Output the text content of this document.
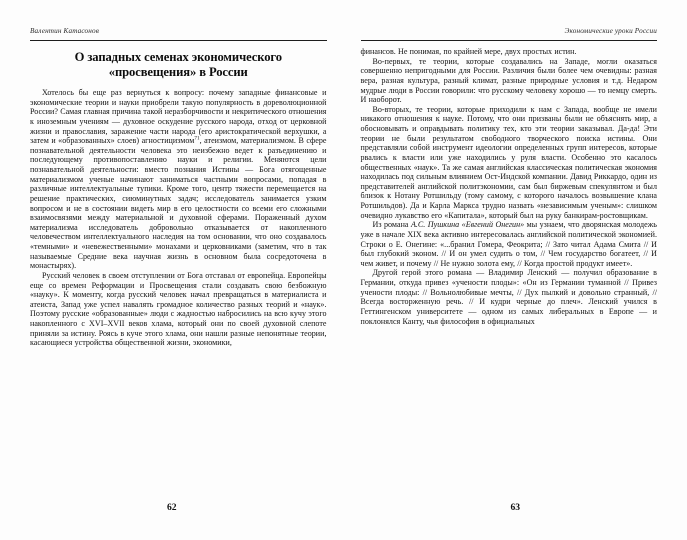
Валентин Катасонов
О западных семенах экономического
«просвещения» в России

Хотелось бы еще раз вернуться к вопросу: почему западные финансовые и экономические теории и науки приобрели такую популярность в дореволюционной России? Самая главная причина такой неразборчивости и некритического отношения к иноземным учениям — духовное оскудение русского народа, отход от церковной жизни и православия, заражение части народа (его аристократической верхушки, а затем и «образованных» слоев) агностицизмом$^{71}$, атеизмом, материализмом. В сфере познавательной деятельности человека это неизбежно ведет к разъединению и последующему противопоставлению науки и религии. Меняются цели познавательной деятельности: вместо познания Истины — Бога отягощенные материализмом ученые начинают заниматься частными вопросами, попадая в различные интеллектуальные тупики. Кроме того, центр тяжести перемещается на решение практических, сиюминутных задач; исследователь занимается узким вопросом и не в состоянии видеть мир в его целостности со всеми его сложными взаимосвязями между материальной и духовной сферами. Пораженный духом материализма исследователь добровольно отказывается от накопленного человечеством интеллектуального наследия на том основании, что оно создавалось «темными» и «невежественными» монахами и церковниками (заметим, что в так называемые Средние века научная жизнь в основном была сосредоточена в монастырях).

Русский человек в своем отступлении от Бога отставал от европейца. Европейцы еще со времен Реформации и Просвещения стали создавать свою безбожную «науку». К моменту, когда русский человек начал превращаться в материалиста и атеиста, Запад уже успел навалять громадное количество разных теорий и «наук». Поэтому русские «образованные» люди с жадностью набросились на всю кучу этого накопленного с XVI–XVII веков хлама, который они по своей духовной слепоте приняли за истину. Роясь в куче этого хлама, они нашли разные непонятные теории, касающиеся устройства общественной жизни, экономики,

62
Экономические уроки России

финансов. Не понимая, по крайней мере, двух простых истин.

Во-первых, те теории, которые создавались на Западе, могли оказаться совершенно непригодными для России. Различия были более чем очевидны: разная вера, разная культура, разный климат, разные природные условия и т.д. Недаром мудрые люди в России говорили: что русскому человеку хорошо — то немцу смерть. И наоборот.

Во-вторых, те теории, которые приходили к нам с Запада, вообще не имели никакого отношения к науке. Потому, что они призваны были не объяснять мир, а обосновывать и оправдывать политику тех, кто эти теории заказывал. Да-да! Эти теории не были результатом свободного творческого поиска истины. Они представляли собой инструмент идеологии определенных групп интересов, которые рвались к власти или уже находились у руля власти. Особенно это касалось общественных «наук». Та же самая английская классическая политическая экономия находилась под сильным влиянием Ост-Индской компании. Давид Риккардо, один из представителей английской политэкономии, сам был биржевым спекулянтом и был близок к Нотану Ротшильду (тому самому, с которого началось возвышение клана Ротшильдов). Да и Карла Маркса трудно назвать «независимым ученым»: слишком очевидно лукавство его «Капитала», который был на руку банкирам-ростовщикам.

Из романа А.С. Пушкина «Евгений Онегин» мы узнаем, что дворянская молодежь уже в начале XIX века активно интересовалась английской политической экономией. Строки о Е. Онегине: «...бранил Гомера, Феокрита; // Зато читал Адама Смита // И был глубокий эконом. // И он умел судить о том, // Чем государство богатеет, // И чем живет, и почему // Не нужно золота ему, // Когда простой продукт имеет».

Другой герой этого романа — Владимир Ленский — получил образование в Германии, откуда привез «учености плоды»: «Он из Германии туманной // Привез учености плоды: // Вольнолюбивые мечты, // Дух пылкий и довольно странный, // Всегда восторженную речь. // И кудри черные до плеч». Ленский учился в Геттингенском университете — одном из самых либеральных в Европе — и поклонялся Канту, чья философия в официальных

63
